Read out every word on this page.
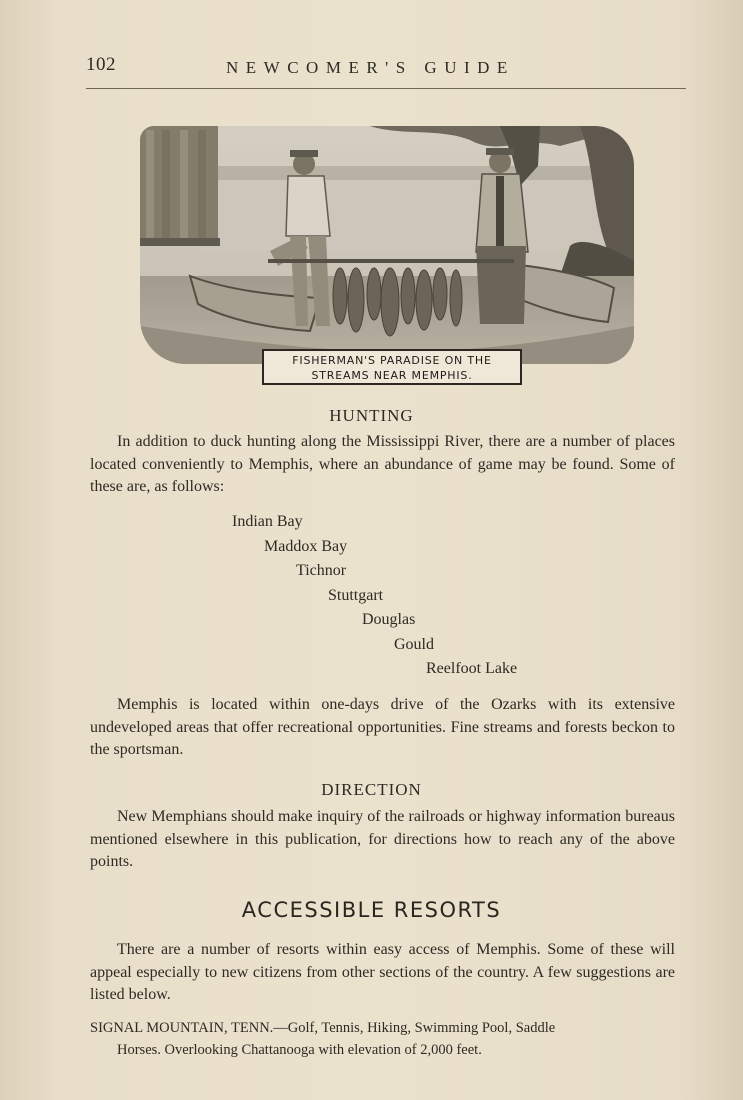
102	NEWCOMER'S GUIDE
FISHERMAN'S PARADISE ON THE
STREAMS NEAR MEMPHIS.
HUNTING
In addition to duck hunting along the Mississippi River, there are a number of places located conveniently to Memphis, where an abundance of game may be found. Some of these are, as follows:
Indian Bay
Maddox Bay
Tichnor
Stuttgart
Douglas
Gould
Reelfoot Lake
Memphis is located within one-days drive of the Ozarks with its extensive undeveloped areas that offer recreational opportunities. Fine streams and forests beckon to the sportsman.
DIRECTION
New Memphians should make inquiry of the railroads or highway information bureaus mentioned elsewhere in this publication, for directions how to reach any of the above points.
ACCESSIBLE RESORTS
There are a number of resorts within easy access of Memphis. Some of these will appeal especially to new citizens from other sections of the country. A few suggestions are listed below.
SIGNAL MOUNTAIN, TENN.—Golf, Tennis, Hiking, Swimming Pool, Saddle
Horses. Overlooking Chattanooga with elevation of 2,000 feet.
